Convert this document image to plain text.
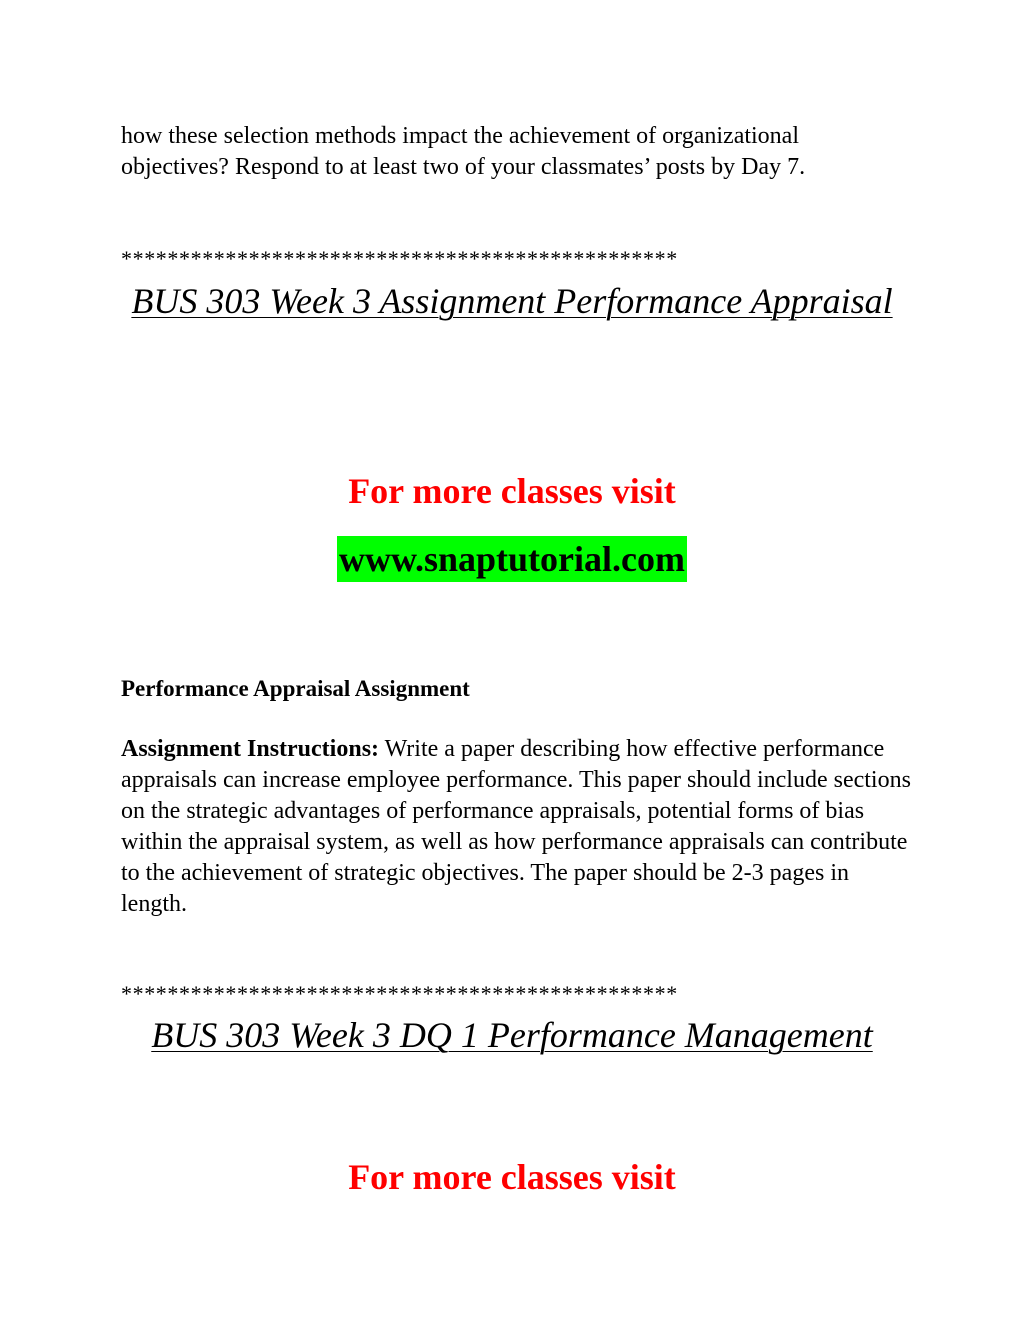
how these selection methods impact the achievement of organizational objectives? Respond to at least two of your classmates’ posts by Day 7.

************************************************

BUS 303 Week 3 Assignment Performance Appraisal

For more classes visit

www.snaptutorial.com

Performance Appraisal Assignment

Assignment Instructions: Write a paper describing how effective performance appraisals can increase employee performance. This paper should include sections on the strategic advantages of performance appraisals, potential forms of bias within the appraisal system, as well as how performance appraisals can contribute to the achievement of strategic objectives. The paper should be 2-3 pages in length.

************************************************

BUS 303 Week 3 DQ 1 Performance Management

For more classes visit
